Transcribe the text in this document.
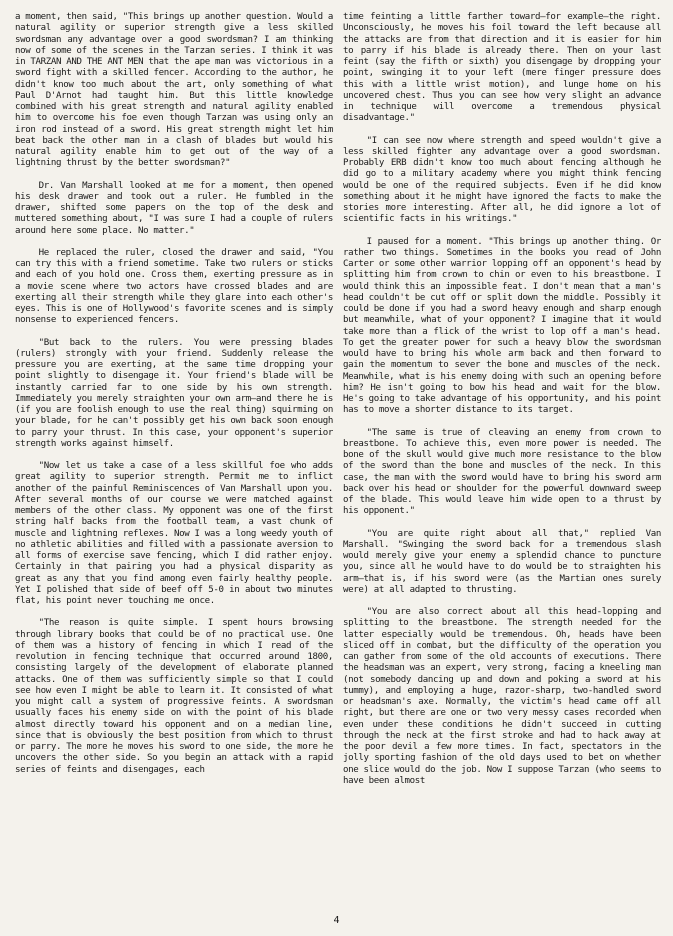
a moment, then said, "This brings up another question. Would a natural agility or superior strength give a less skilled swordsman any advantage over a good swordsman? I am thinking now of some of the scenes in the Tarzan series. I think it was in TARZAN AND THE ANT MEN that the ape man was victorious in a sword fight with a skilled fencer. According to the author, he didn't know too much about the art, only something of what Paul D'Arnot had taught him. But this little knowledge combined with his great strength and natural agility enabled him to overcome his foe even though Tarzan was using only an iron rod instead of a sword. His great strength might let him beat back the other man in a clash of blades but would his natural agility enable him to get out of the way of a lightning thrust by the better swordsman?"

Dr. Van Marshall looked at me for a moment, then opened his desk drawer and took out a ruler. He fumbled in the drawer, shifted some papers on the top of the desk and muttered something about, "I was sure I had a couple of rulers around here some place. No matter."

He replaced the ruler, closed the drawer and said, "You can try this with a friend sometime. Take two rulers or sticks and each of you hold one. Cross them, exerting pressure as in a movie scene where two actors have crossed blades and are exerting all their strength while they glare into each other's eyes. This is one of Hollywood's favorite scenes and is simply nonsense to experienced fencers.

"But back to the rulers. You were pressing blades (rulers) strongly with your friend. Suddenly release the pressure you are exerting, at the same time dropping your point slightly to disengage it. Your friend's blade will be instantly carried far to one side by his own strength. Immediately you merely straighten your own arm—and there he is (if you are foolish enough to use the real thing) squirming on your blade, for he can't possibly get his own back soon enough to parry your thrust. In this case, your opponent's superior strength works against himself.

"Now let us take a case of a less skillful foe who adds great agility to superior strength. Permit me to inflict another of the painful Reminiscences of Van Marshall upon you. After several months of our course we were matched against members of the other class. My opponent was one of the first string half backs from the football team, a vast chunk of muscle and lightning reflexes. Now I was a long weedy youth of no athletic abilities and filled with a passionate aversion to all forms of exercise save fencing, which I did rather enjoy. Certainly in that pairing you had a physical disparity as great as any that you find among even fairly healthy people. Yet I polished that side of beef off 5-0 in about two minutes flat, his point never touching me once.

"The reason is quite simple. I spent hours browsing through library books that could be of no practical use. One of them was a history of fencing in which I read of the revolution in fencing technique that occurred around 1800, consisting largely of the development of elaborate planned attacks. One of them was sufficiently simple so that I could see how even I might be able to learn it. It consisted of what you might call a system of progressive feints. A swordsman usually faces his enemy side on with the point of his blade almost directly toward his opponent and on a median line, since that is obviously the best position from which to thrust or parry. The more he moves his sword to one side, the more he uncovers the other side. So you begin an attack with a rapid series of feints and disengages, each

time feinting a little farther toward—for example—the right. Unconsciously, he moves his foil toward the left because all the attacks are from that direction and it is easier for him to parry if his blade is already there. Then on your last feint (say the fifth or sixth) you disengage by dropping your point, swinging it to your left (mere finger pressure does this with a little wrist motion), and lunge home on his uncovered chest. Thus you can see how very slight an advance in technique will overcome a tremendous physical disadvantage."

"I can see now where strength and speed wouldn't give a less skilled fighter any advantage over a good swordsman. Probably ERB didn't know too much about fencing although he did go to a military academy where you might think fencing would be one of the required subjects. Even if he did know something about it he might have ignored the facts to make the stories more interesting. After all, he did ignore a lot of scientific facts in his writings."

I paused for a moment. "This brings up another thing. Or rather two things. Sometimes in the books you read of John Carter or some other warrior lopping off an opponent's head by splitting him from crown to chin or even to his breastbone. I would think this an impossible feat. I don't mean that a man's head couldn't be cut off or split down the middle. Possibly it could be done if you had a sword heavy enough and sharp enough but meanwhile, what of your opponent? I imagine that it would take more than a flick of the wrist to lop off a man's head. To get the greater power for such a heavy blow the swordsman would have to bring his whole arm back and then forward to gain the momentum to sever the bone and muscles of the neck. Meanwhile, what is his enemy doing with such an opening before him? He isn't going to bow his head and wait for the blow. He's going to take advantage of his opportunity, and his point has to move a shorter distance to its target.

"The same is true of cleaving an enemy from crown to breastbone. To achieve this, even more power is needed. The bone of the skull would give much more resistance to the blow of the sword than the bone and muscles of the neck. In this case, the man with the sword would have to bring his sword arm back over his head or shoulder for the powerful downward sweep of the blade. This would leave him wide open to a thrust by his opponent."

"You are quite right about all that," replied Van Marshall. "Swinging the sword back for a tremendous slash would merely give your enemy a splendid chance to puncture you, since all he would have to do would be to straighten his arm—that is, if his sword were (as the Martian ones surely were) at all adapted to thrusting.

"You are also correct about all this head-lopping and splitting to the breastbone. The strength needed for the latter especially would be tremendous. Oh, heads have been sliced off in combat, but the difficulty of the operation you can gather from some of the old accounts of executions. There the headsman was an expert, very strong, facing a kneeling man (not somebody dancing up and down and poking a sword at his tummy), and employing a huge, razor-sharp, two-handled sword or headsman's axe. Normally, the victim's head came off all right, but there are one or two very messy cases recorded when even under these conditions he didn't succeed in cutting through the neck at the first stroke and had to hack away at the poor devil a few more times. In fact, spectators in the jolly sporting fashion of the old days used to bet on whether one slice would do the job. Now I suppose Tarzan (who seems to have been almost

4
